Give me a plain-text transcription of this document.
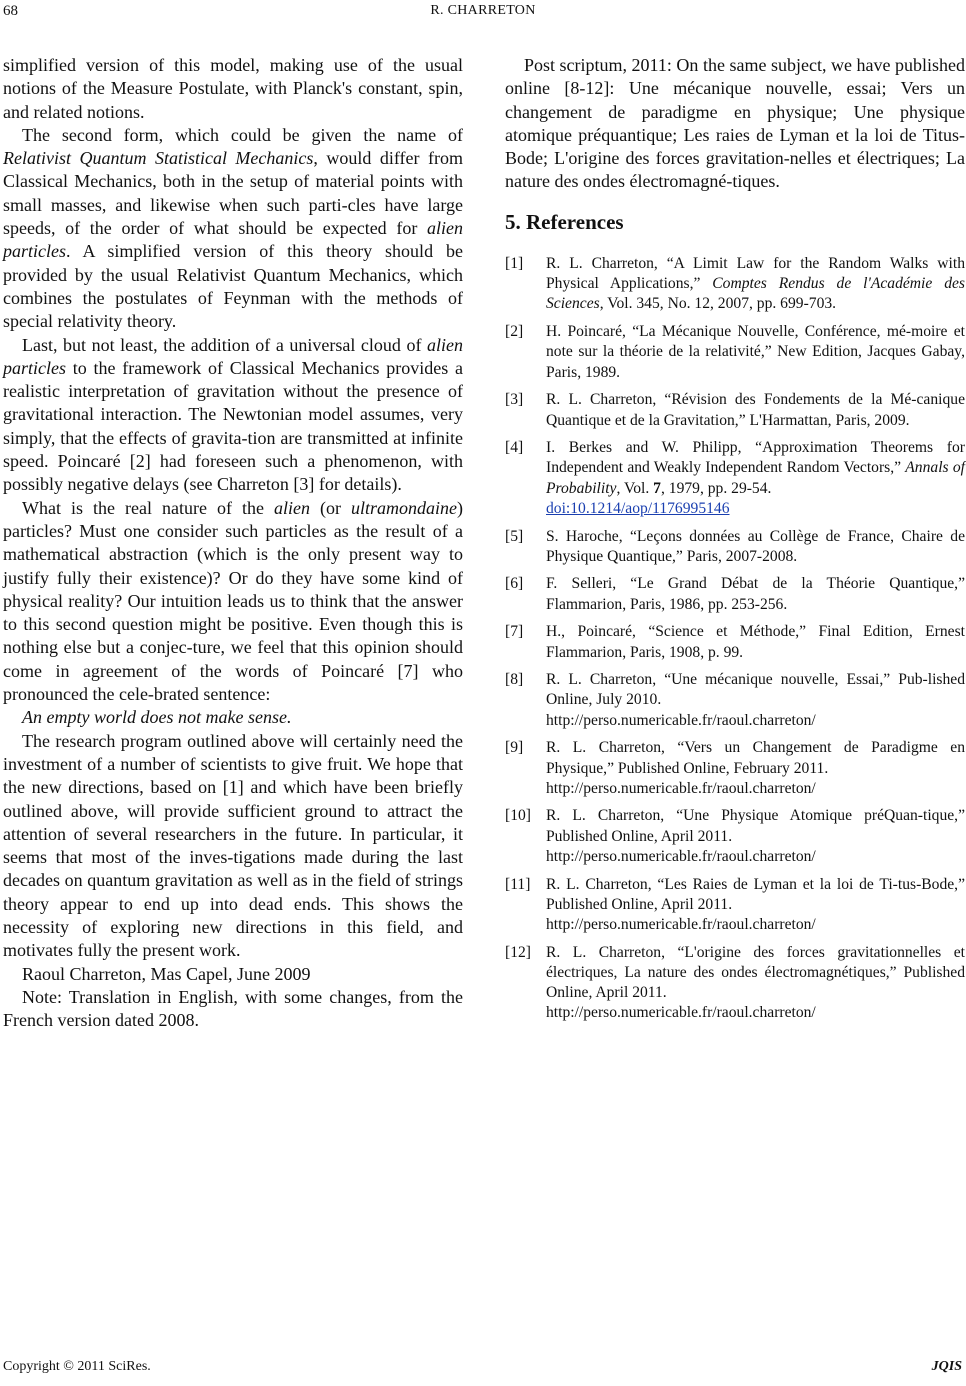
68	R. CHARRETON

simplified version of this model, making use of the usual notions of the Measure Postulate, with Planck's constant, spin, and related notions.

The second form, which could be given the name of Relativist Quantum Statistical Mechanics, would differ from Classical Mechanics, both in the setup of material points with small masses, and likewise when such parti-cles have large speeds, of the order of what should be expected for alien particles. A simplified version of this theory should be provided by the usual Relativist Quantum Mechanics, which combines the postulates of Feynman with the methods of special relativity theory.

Last, but not least, the addition of a universal cloud of alien particles to the framework of Classical Mechanics provides a realistic interpretation of gravitation without the presence of gravitational interaction. The Newtonian model assumes, very simply, that the effects of gravita-tion are transmitted at infinite speed. Poincaré [2] had foreseen such a phenomenon, with possibly negative delays (see Charreton [3] for details).

What is the real nature of the alien (or ultramondaine) particles? Must one consider such particles as the result of a mathematical abstraction (which is the only present way to justify fully their existence)? Or do they have some kind of physical reality? Our intuition leads us to think that the answer to this second question might be positive. Even though this is nothing else but a conjec-ture, we feel that this opinion should come in agreement of the words of Poincaré [7] who pronounced the cele-brated sentence:

An empty world does not make sense.

The research program outlined above will certainly need the investment of a number of scientists to give fruit. We hope that the new directions, based on [1] and which have been briefly outlined above, will provide sufficient ground to attract the attention of several researchers in the future. In particular, it seems that most of the inves-tigations made during the last decades on quantum gravitation as well as in the field of strings theory appear to end up into dead ends. This shows the necessity of exploring new directions in this field, and motivates fully the present work.

Raoul Charreton, Mas Capel, June 2009

Note: Translation in English, with some changes, from the French version dated 2008.

Post scriptum, 2011: On the same subject, we have published online [8-12]: Une mécanique nouvelle, essai; Vers un changement de paradigme en physique; Une physique atomique préquantique; Les raies de Lyman et la loi de Titus-Bode; L'origine des forces gravitation-nelles et électriques; La nature des ondes électromagné-tiques.

5. References
[1]	R. L. Charreton, “A Limit Law for the Random Walks with Physical Applications,” Comptes Rendus de l'Académie des Sciences, Vol. 345, No. 12, 2007, pp. 699-703.
[2]	H. Poincaré, “La Mécanique Nouvelle, Conférence, mé-moire et note sur la théorie de la relativité,” New Edition, Jacques Gabay, Paris, 1989.
[3]	R. L. Charreton, “Révision des Fondements de la Mé-canique Quantique et de la Gravitation,” L'Harmattan, Paris, 2009.
[4]	I. Berkes and W. Philipp, “Approximation Theorems for Independent and Weakly Independent Random Vectors,” Annals of Probability, Vol. 7, 1979, pp. 29-54.
doi:10.1214/aop/1176995146
[5]	S. Haroche, “Leçons données au Collège de France, Chaire de Physique Quantique,” Paris, 2007-2008.
[6]	F. Selleri, “Le Grand Débat de la Théorie Quantique,” Flammarion, Paris, 1986, pp. 253-256.
[7]	H., Poincaré, “Science et Méthode,” Final Edition, Ernest Flammarion, Paris, 1908, p. 99.
[8]	R. L. Charreton, “Une mécanique nouvelle, Essai,” Pub-lished Online, July 2010.
http://perso.numericable.fr/raoul.charreton/
[9]	R. L. Charreton, “Vers un Changement de Paradigme en Physique,” Published Online, February 2011.
http://perso.numericable.fr/raoul.charreton/
[10] R. L. Charreton, “Une Physique Atomique préQuan-tique,” Published Online, April 2011.
http://perso.numericable.fr/raoul.charreton/
[11] R. L. Charreton, “Les Raies de Lyman et la loi de Ti-tus-Bode,” Published Online, April 2011.
http://perso.numericable.fr/raoul.charreton/
[12] R. L. Charreton, “L'origine des forces gravitationnelles et électriques, La nature des ondes électromagnétiques,” Published Online, April 2011.
http://perso.numericable.fr/raoul.charreton/
Copyright © 2011 SciRes.	JQIS
